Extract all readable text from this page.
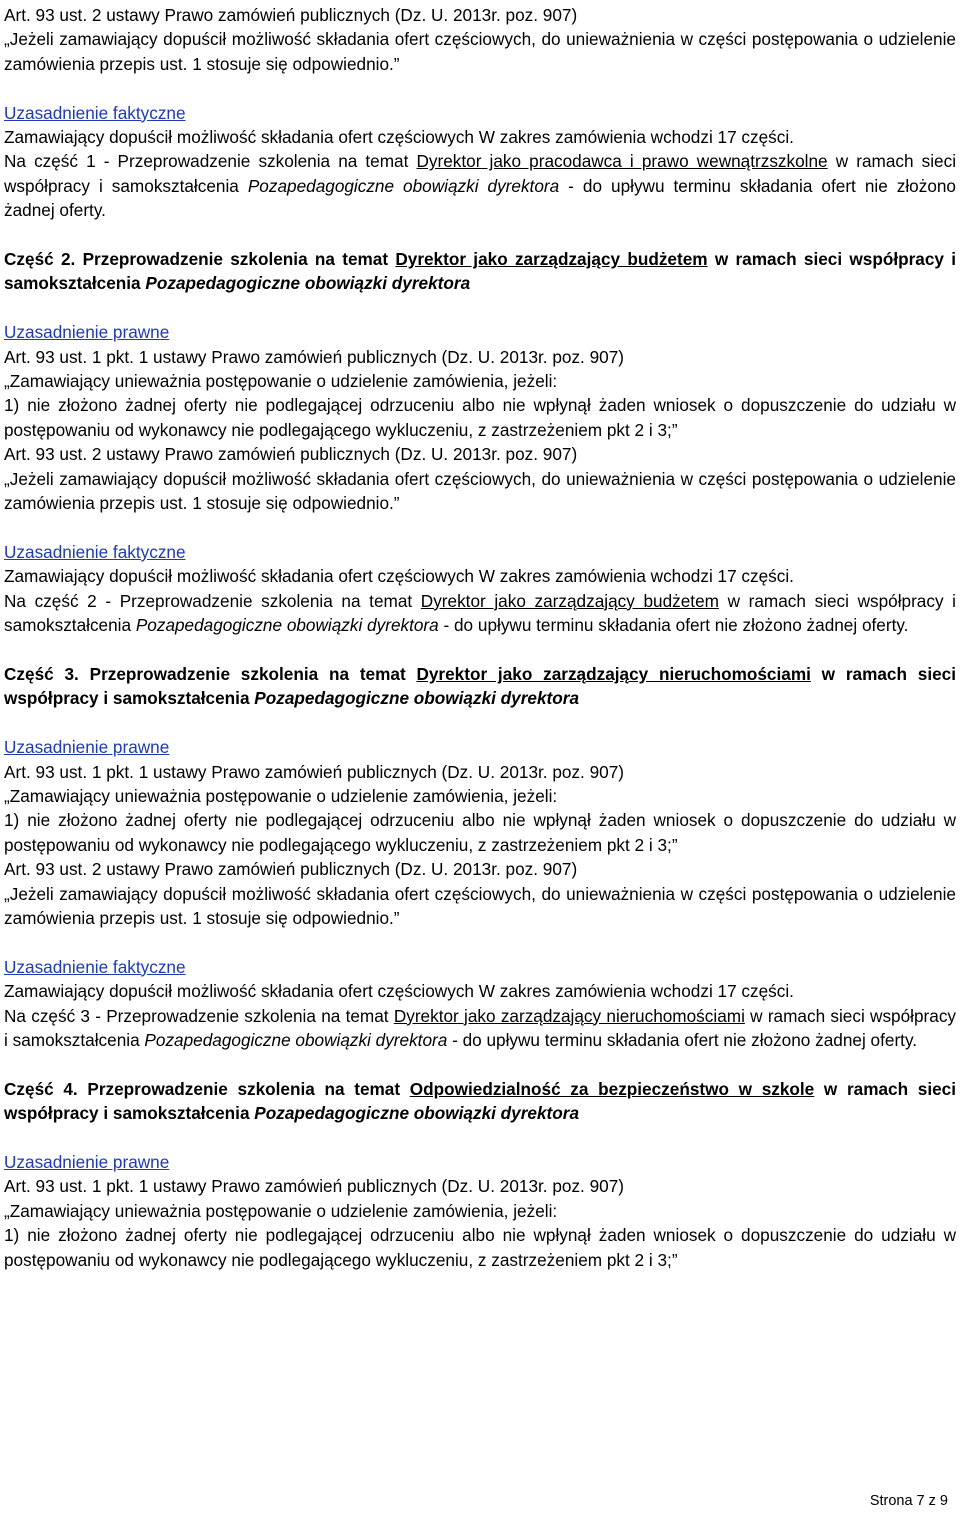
Art. 93 ust. 2 ustawy Prawo zamówień publicznych (Dz. U. 2013r. poz. 907)

„Jeżeli zamawiający dopuścił możliwość składania ofert częściowych, do unieważnienia w części postępowania o udzielenie zamówienia przepis ust. 1 stosuje się odpowiednio.”

Uzasadnienie faktyczne

Zamawiający dopuścił możliwość składania ofert częściowych W zakres zamówienia wchodzi 17 części.

Na część 1 - Przeprowadzenie szkolenia na temat Dyrektor jako pracodawca i prawo wewnątrzszkolne w ramach sieci współpracy i samokształcenia Pozapedagogiczne obowiązki dyrektora - do upływu terminu składania ofert nie złożono żadnej oferty.

Część 2. Przeprowadzenie szkolenia na temat Dyrektor jako zarządzający budżetem w ramach sieci współpracy i samokształcenia Pozapedagogiczne obowiązki dyrektora

Uzasadnienie prawne

Art. 93 ust. 1 pkt. 1 ustawy Prawo zamówień publicznych (Dz. U. 2013r. poz. 907)

„Zamawiający unieważnia postępowanie o udzielenie zamówienia, jeżeli:

1) nie złożono żadnej oferty nie podlegającej odrzuceniu albo nie wpłynął żaden wniosek o dopuszczenie do udziału w postępowaniu od wykonawcy nie podlegającego wykluczeniu, z zastrzeżeniem pkt 2 i 3;”

Art. 93 ust. 2 ustawy Prawo zamówień publicznych (Dz. U. 2013r. poz. 907)

„Jeżeli zamawiający dopuścił możliwość składania ofert częściowych, do unieważnienia w części postępowania o udzielenie zamówienia przepis ust. 1 stosuje się odpowiednio.”

Uzasadnienie faktyczne

Zamawiający dopuścił możliwość składania ofert częściowych W zakres zamówienia wchodzi 17 części.

Na część 2 - Przeprowadzenie szkolenia na temat Dyrektor jako zarządzający budżetem w ramach sieci współpracy i samokształcenia Pozapedagogiczne obowiązki dyrektora - do upływu terminu składania ofert nie złożono żadnej oferty.

Część 3. Przeprowadzenie szkolenia na temat Dyrektor jako zarządzający nieruchomościami w ramach sieci współpracy i samokształcenia Pozapedagogiczne obowiązki dyrektora

Uzasadnienie prawne

Art. 93 ust. 1 pkt. 1 ustawy Prawo zamówień publicznych (Dz. U. 2013r. poz. 907)

„Zamawiający unieważnia postępowanie o udzielenie zamówienia, jeżeli:

1) nie złożono żadnej oferty nie podlegającej odrzuceniu albo nie wpłynął żaden wniosek o dopuszczenie do udziału w postępowaniu od wykonawcy nie podlegającego wykluczeniu, z zastrzeżeniem pkt 2 i 3;”

Art. 93 ust. 2 ustawy Prawo zamówień publicznych (Dz. U. 2013r. poz. 907)

„Jeżeli zamawiający dopuścił możliwość składania ofert częściowych, do unieważnienia w części postępowania o udzielenie zamówienia przepis ust. 1 stosuje się odpowiednio.”

Uzasadnienie faktyczne

Zamawiający dopuścił możliwość składania ofert częściowych W zakres zamówienia wchodzi 17 części.

Na część 3 - Przeprowadzenie szkolenia na temat Dyrektor jako zarządzający nieruchomościami w ramach sieci współpracy i samokształcenia Pozapedagogiczne obowiązki dyrektora - do upływu terminu składania ofert nie złożono żadnej oferty.

Część 4. Przeprowadzenie szkolenia na temat Odpowiedzialność za bezpieczeństwo w szkole w ramach sieci współpracy i samokształcenia Pozapedagogiczne obowiązki dyrektora

Uzasadnienie prawne

Art. 93 ust. 1 pkt. 1 ustawy Prawo zamówień publicznych (Dz. U. 2013r. poz. 907)

„Zamawiający unieważnia postępowanie o udzielenie zamówienia, jeżeli:

1) nie złożono żadnej oferty nie podlegającej odrzuceniu albo nie wpłynął żaden wniosek o dopuszczenie do udziału w postępowaniu od wykonawcy nie podlegającego wykluczeniu, z zastrzeżeniem pkt 2 i 3;”

Strona 7 z 9
